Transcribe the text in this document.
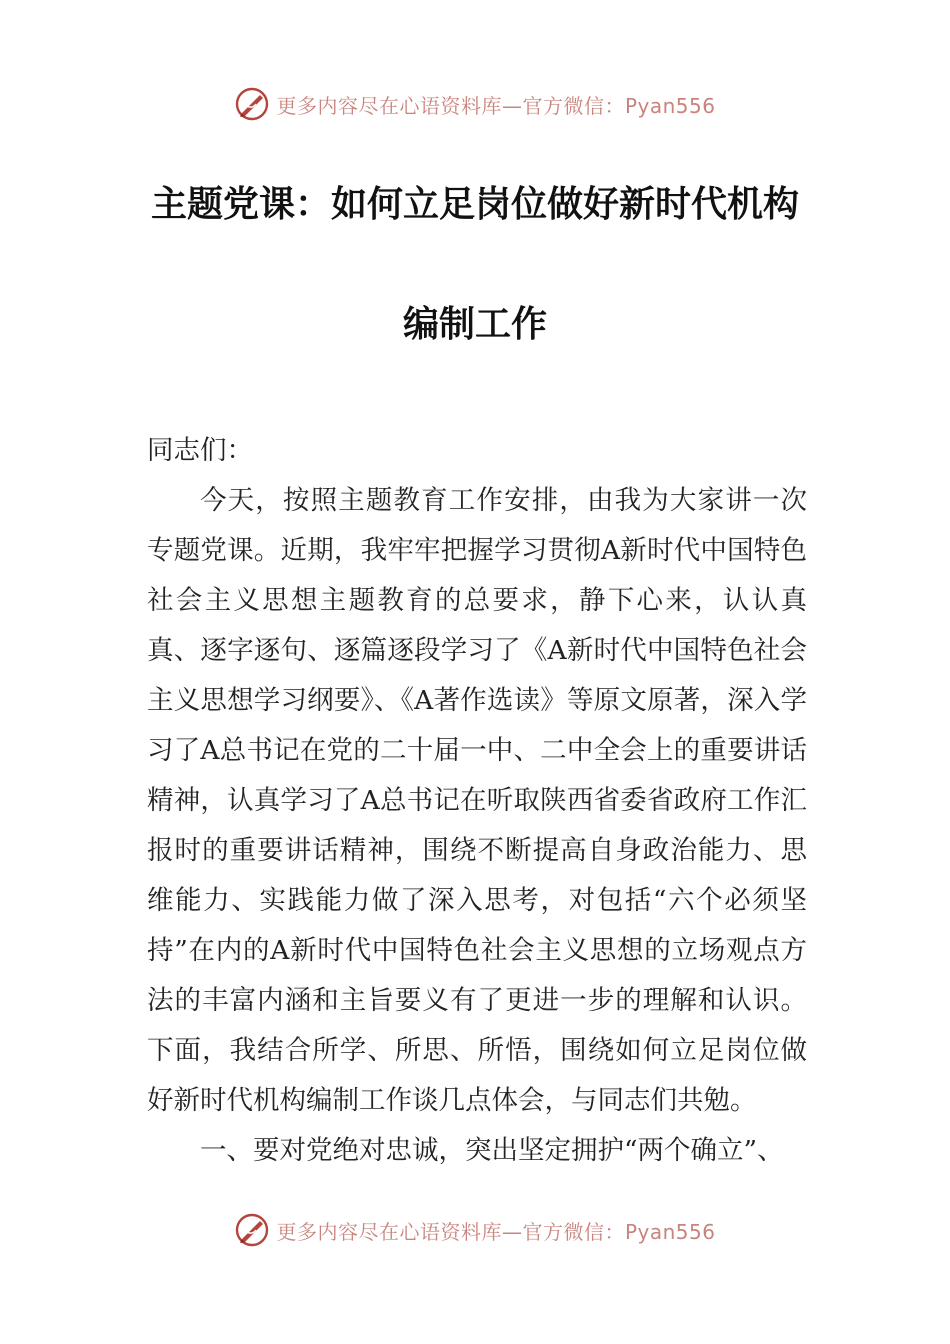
更多内容尽在心语资料库—官方微信：Pyan556
主题党课：如何立足岗位做好新时代机构
编制工作

同志们：

今天，按照主题教育工作安排，由我为大家讲一次专题党课。近期，我牢牢把握学习贯彻A新时代中国特色社会主义思想主题教育的总要求，静下心来，认认真真、逐字逐句、逐篇逐段学习了《A新时代中国特色社会主义思想学习纲要》、《A著作选读》等原文原著，深入学习了A总书记在党的二十届一中、二中全会上的重要讲话精神，认真学习了A总书记在听取陕西省委省政府工作汇报时的重要讲话精神，围绕不断提高自身政治能力、思维能力、实践能力做了深入思考，对包括“六个必须坚持”在内的A新时代中国特色社会主义思想的立场观点方法的丰富内涵和主旨要义有了更进一步的理解和认识。下面，我结合所学、所思、所悟，围绕如何立足岗位做好新时代机构编制工作谈几点体会，与同志们共勉。

一、要对党绝对忠诚，突出坚定拥护“两个确立”、

更多内容尽在心语资料库—官方微信：Pyan556
